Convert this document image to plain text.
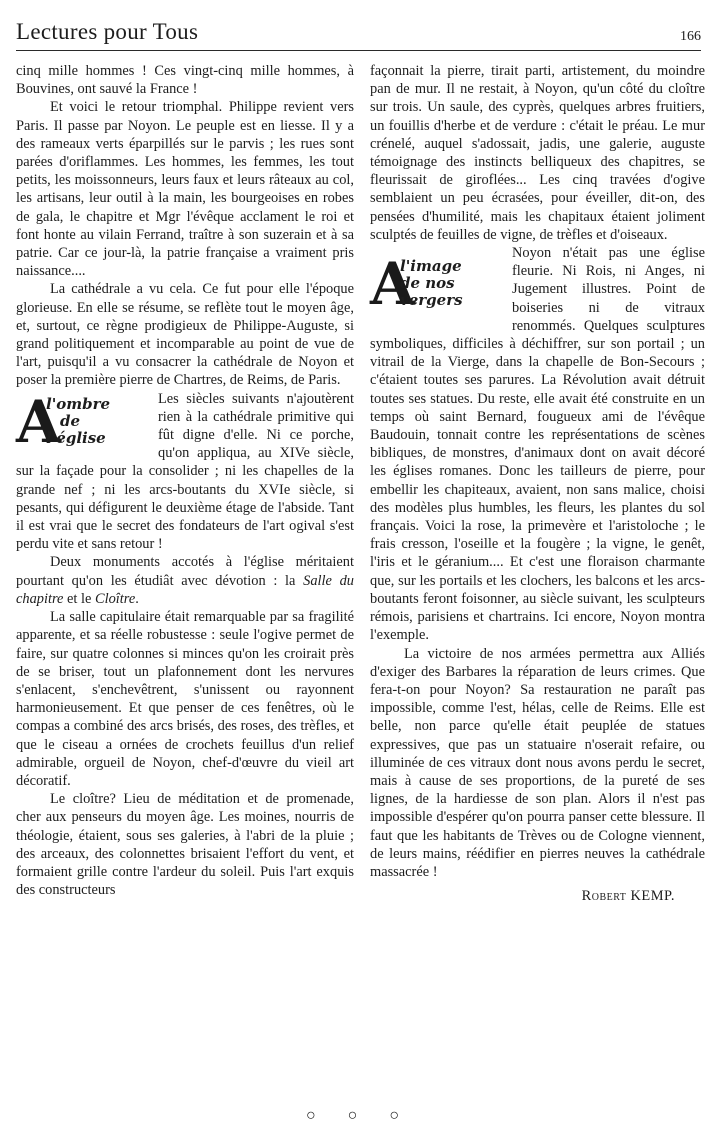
Lectures pour Tous	166

cinq mille hommes ! Ces vingt-cinq mille hommes, à Bouvines, ont sauvé la France !

Et voici le retour triomphal. Philippe revient vers Paris. Il passe par Noyon. Le peuple est en liesse. Il y a des rameaux verts éparpillés sur le parvis ; les rues sont parées d'oriflammes. Les hommes, les femmes, les tout petits, les moissonneurs, leurs faux et leurs râteaux au col, les artisans, leur outil à la main, les bourgeoises en robes de gala, le chapitre et Mgr l'évêque acclament le roi et font honte au vilain Ferrand, traître à son suzerain et à sa patrie. Car ce jour-là, la patrie française a vraiment pris naissance....

La cathédrale a vu cela. Ce fut pour elle l'époque glorieuse. En elle se résume, se reflète tout le moyen âge, et, surtout, ce règne prodigieux de Philippe-Auguste, si grand politiquement et incomparable au point de vue de l'art, puisqu'il a vu consacrer la cathédrale de Noyon et poser la première pierre de Chartres, de Reims, de Paris.

A
l'ombre
de
l'église

Les siècles suivants n'ajoutèrent rien à la cathédrale primitive qui fût digne d'elle. Ni ce porche, qu'on appliqua, au XIVe siècle, sur la façade pour la consolider ; ni les chapelles de la grande nef ; ni les arcs-boutants du XVIe siècle, si pesants, qui défigurent le deuxième étage de l'abside. Tant il est vrai que le secret des fondateurs de l'art ogival s'est perdu vite et sans retour !

Deux monuments accotés à l'église méritaient pourtant qu'on les étudiât avec dévotion : la Salle du chapitre et le Cloître.

La salle capitulaire était remarquable par sa fragilité apparente, et sa réelle robustesse : seule l'ogive permet de faire, sur quatre colonnes si minces qu'on les croirait près de se briser, tout un plafonnement dont les nervures s'enlacent, s'enchevêtrent, s'unissent ou rayonnent harmonieusement. Et que penser de ces fenêtres, où le compas a combiné des arcs brisés, des roses, des trèfles, et que le ciseau a ornées de crochets feuillus d'un relief admirable, orgueil de Noyon, chef-d'œuvre du vieil art décoratif.

Le cloître? Lieu de méditation et de promenade, cher aux penseurs du moyen âge. Les moines, nourris de théologie, étaient, sous ses galeries, à l'abri de la pluie ; des arceaux, des colonnettes brisaient l'effort du vent, et formaient grille contre l'ardeur du soleil. Puis l'art exquis des constructeurs

façonnait la pierre, tirait parti, artistement, du moindre pan de mur. Il ne restait, à Noyon, qu'un côté du cloître sur trois. Un saule, des cyprès, quelques arbres fruitiers, un fouillis d'herbe et de verdure : c'était le préau. Le mur crénelé, auquel s'adossait, jadis, une galerie, auguste témoignage des instincts belliqueux des chapitres, se fleurissait de giroflées... Les cinq travées d'ogive semblaient un peu écrasées, pour éveiller, dit-on, des pensées d'humilité, mais les chapitaux étaient joliment sculptés de feuilles de vigne, de trèfles et d'oiseaux.

A
l'image
de nos
vergers

Noyon n'était pas une église fleurie. Ni Rois, ni Anges, ni Jugement illustres. Point de boiseries ni de vitraux renommés. Quelques sculptures symboliques, difficiles à déchiffrer, sur son portail ; un vitrail de la Vierge, dans la chapelle de Bon-Secours ; c'étaient toutes ses parures. La Révolution avait détruit toutes ses statues. Du reste, elle avait été construite en un temps où saint Bernard, fougueux ami de l'évêque Baudouin, tonnait contre les représentations de scènes bibliques, de monstres, d'animaux dont on avait décoré les églises romanes. Donc les tailleurs de pierre, pour embellir les chapiteaux, avaient, non sans malice, choisi des modèles plus humbles, les fleurs, les plantes du sol français. Voici la rose, la primevère et l'aristoloche ; le frais cresson, l'oseille et la fougère ; la vigne, le genêt, l'iris et le géranium.... Et c'est une floraison charmante que, sur les portails et les clochers, les balcons et les arcs-boutants feront foisonner, au siècle suivant, les sculpteurs rémois, parisiens et chartrains. Ici encore, Noyon montra l'exemple.

La victoire de nos armées permettra aux Alliés d'exiger des Barbares la réparation de leurs crimes. Que fera-t-on pour Noyon? Sa restauration ne paraît pas impossible, comme l'est, hélas, celle de Reims. Elle est belle, non parce qu'elle était peuplée de statues expressives, que pas un statuaire n'oserait refaire, ou illuminée de ces vitraux dont nous avons perdu le secret, mais à cause de ses proportions, de la pureté de ses lignes, de la hardiesse de son plan. Alors il n'est pas impossible d'espérer qu'on pourra panser cette blessure. Il faut que les habitants de Trèves ou de Cologne viennent, de leurs mains, réédifier en pierres neuves la cathédrale massacrée !

Robert KEMP.

○ ○ ○
